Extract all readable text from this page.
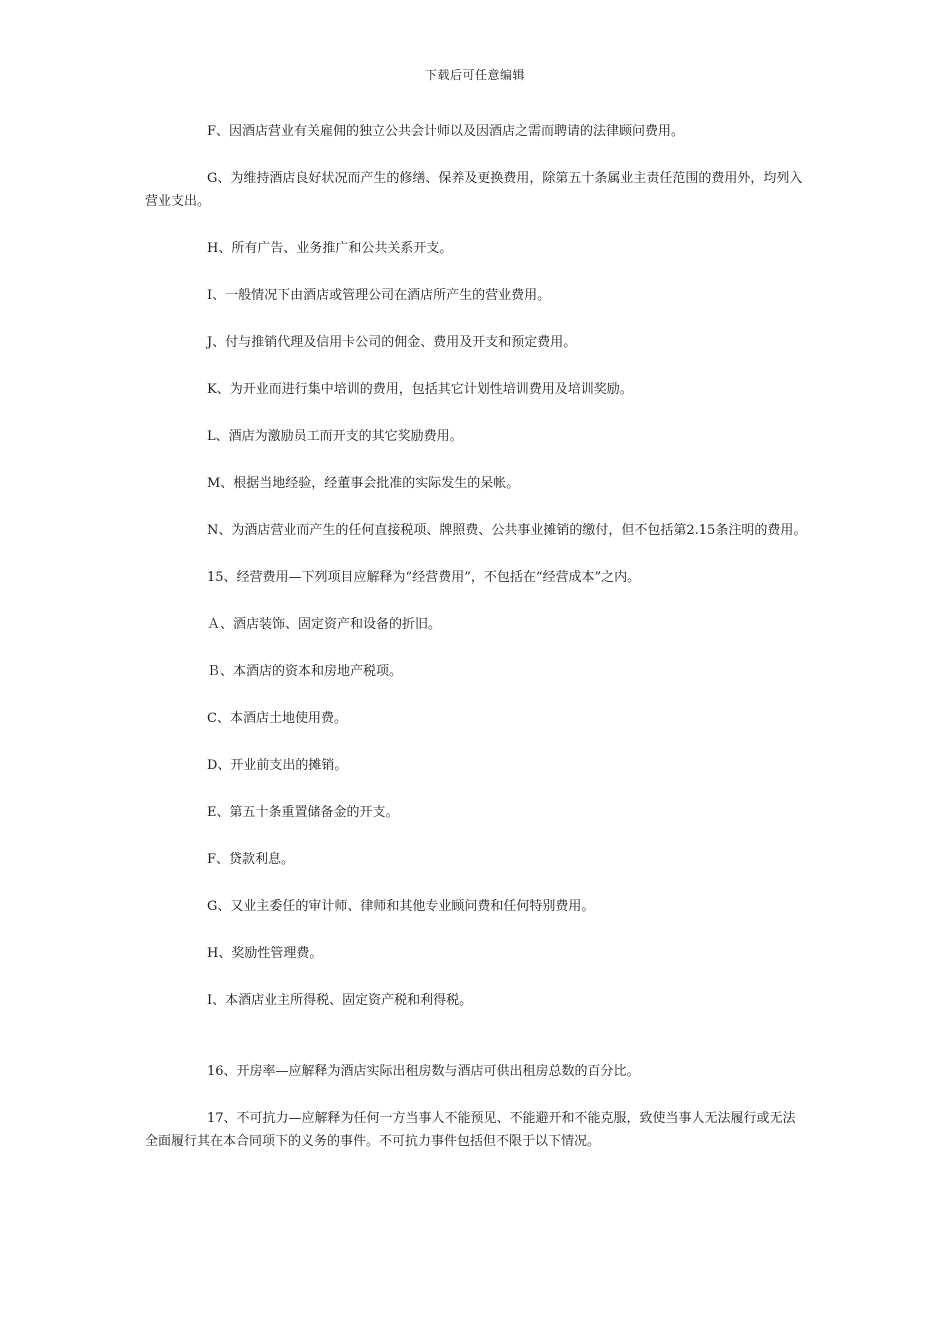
下载后可任意编辑

F、因酒店营业有关雇佣的独立公共会计师以及因酒店之需而聘请的法律顾问费用。

G、为维持酒店良好状况而产生的修缮、保养及更换费用，除第五十条属业主责任范围的费用外，均列入营业支出。

H、所有广告、业务推广和公共关系开支。

I、一般情况下由酒店或管理公司在酒店所产生的营业费用。

J、付与推销代理及信用卡公司的佣金、费用及开支和预定费用。

K、为开业而进行集中培训的费用，包括其它计划性培训费用及培训奖励。

L、酒店为激励员工而开支的其它奖励费用。

M、根据当地经验，经董事会批准的实际发生的呆帐。

N、为酒店营业而产生的任何直接税项、牌照费、公共事业摊销的缴付，但不包括第2.15条注明的费用。

15、经营费用—下列项目应解释为“经营费用”，不包括在“经营成本”之内。

Ａ、酒店装饰、固定资产和设备的折旧。

Ｂ、本酒店的资本和房地产税项。

C、本酒店土地使用费。

D、开业前支出的摊销。

E、第五十条重置储备金的开支。

F、贷款利息。

G、又业主委任的审计师、律师和其他专业顾问费和任何特别费用。

H、奖励性管理费。

I、本酒店业主所得税、固定资产税和利得税。

16、开房率—应解释为酒店实际出租房数与酒店可供出租房总数的百分比。

17、不可抗力—应解释为任何一方当事人不能预见、不能避开和不能克服，致使当事人无法履行或无法全面履行其在本合同项下的义务的事件。不可抗力事件包括但不限于以下情况。
